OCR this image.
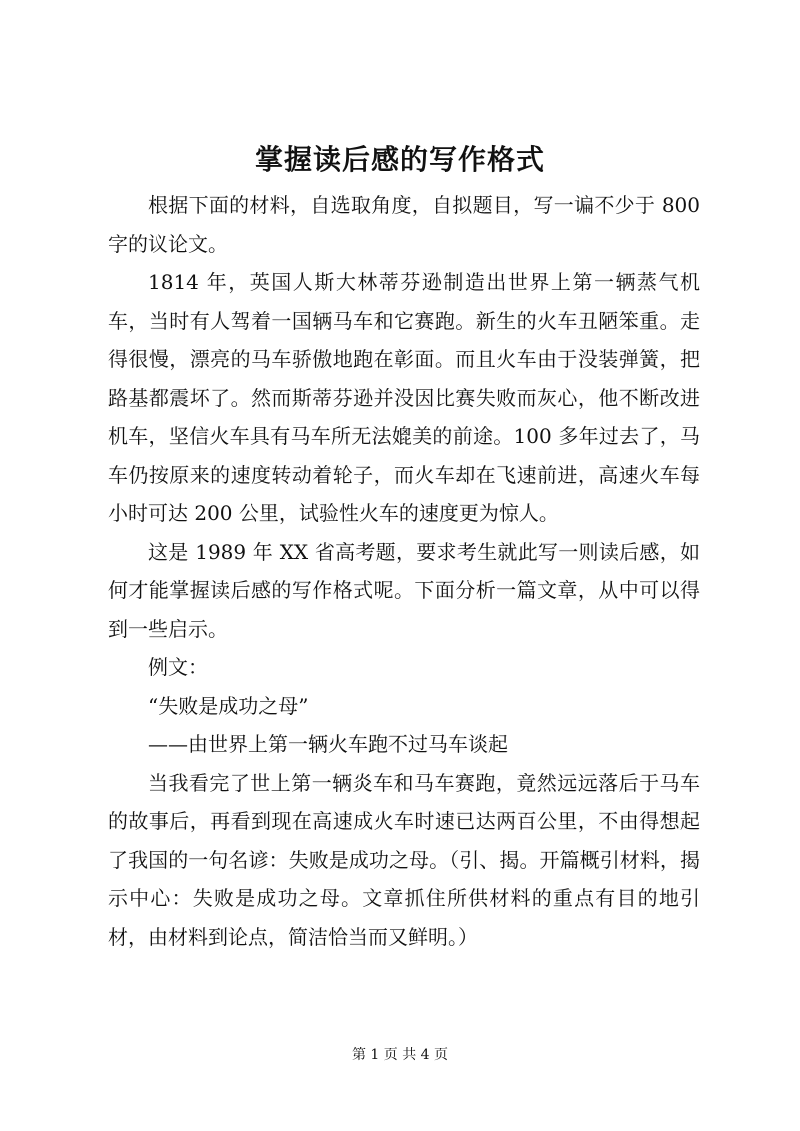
掌握读后感的写作格式

根据下面的材料，自选取角度，自拟题目，写一谝不少于 800 字的议论文。

1814 年，英国人斯大林蒂芬逊制造出世界上第一辆蒸气机车，当时有人驾着一国辆马车和它赛跑。新生的火车丑陋笨重。走得很慢，漂亮的马车骄傲地跑在彰面。而且火车由于没装弹簧，把路基都震坏了。然而斯蒂芬逊并没因比赛失败而灰心，他不断改进机车，坚信火车具有马车所无法媲美的前途。100 多年过去了，马车仍按原来的速度转动着轮子，而火车却在飞速前进，高速火车每小时可达 200 公里，试验性火车的速度更为惊人。

这是 1989 年 XX 省高考题，要求考生就此写一则读后感，如何才能掌握读后感的写作格式呢。下面分析一篇文章，从中可以得到一些启示。

例文：

“失败是成功之母”

——由世界上第一辆火车跑不过马车谈起

当我看完了世上第一辆炎车和马车赛跑，竟然远远落后于马车的故事后，再看到现在高速成火车时速已达两百公里，不由得想起了我国的一句名谚：失败是成功之母。（引、揭。开篇概引材料，揭示中心：失败是成功之母。文章抓住所供材料的重点有目的地引材，由材料到论点，简洁恰当而又鲜明。）

第 1 页 共 4 页
